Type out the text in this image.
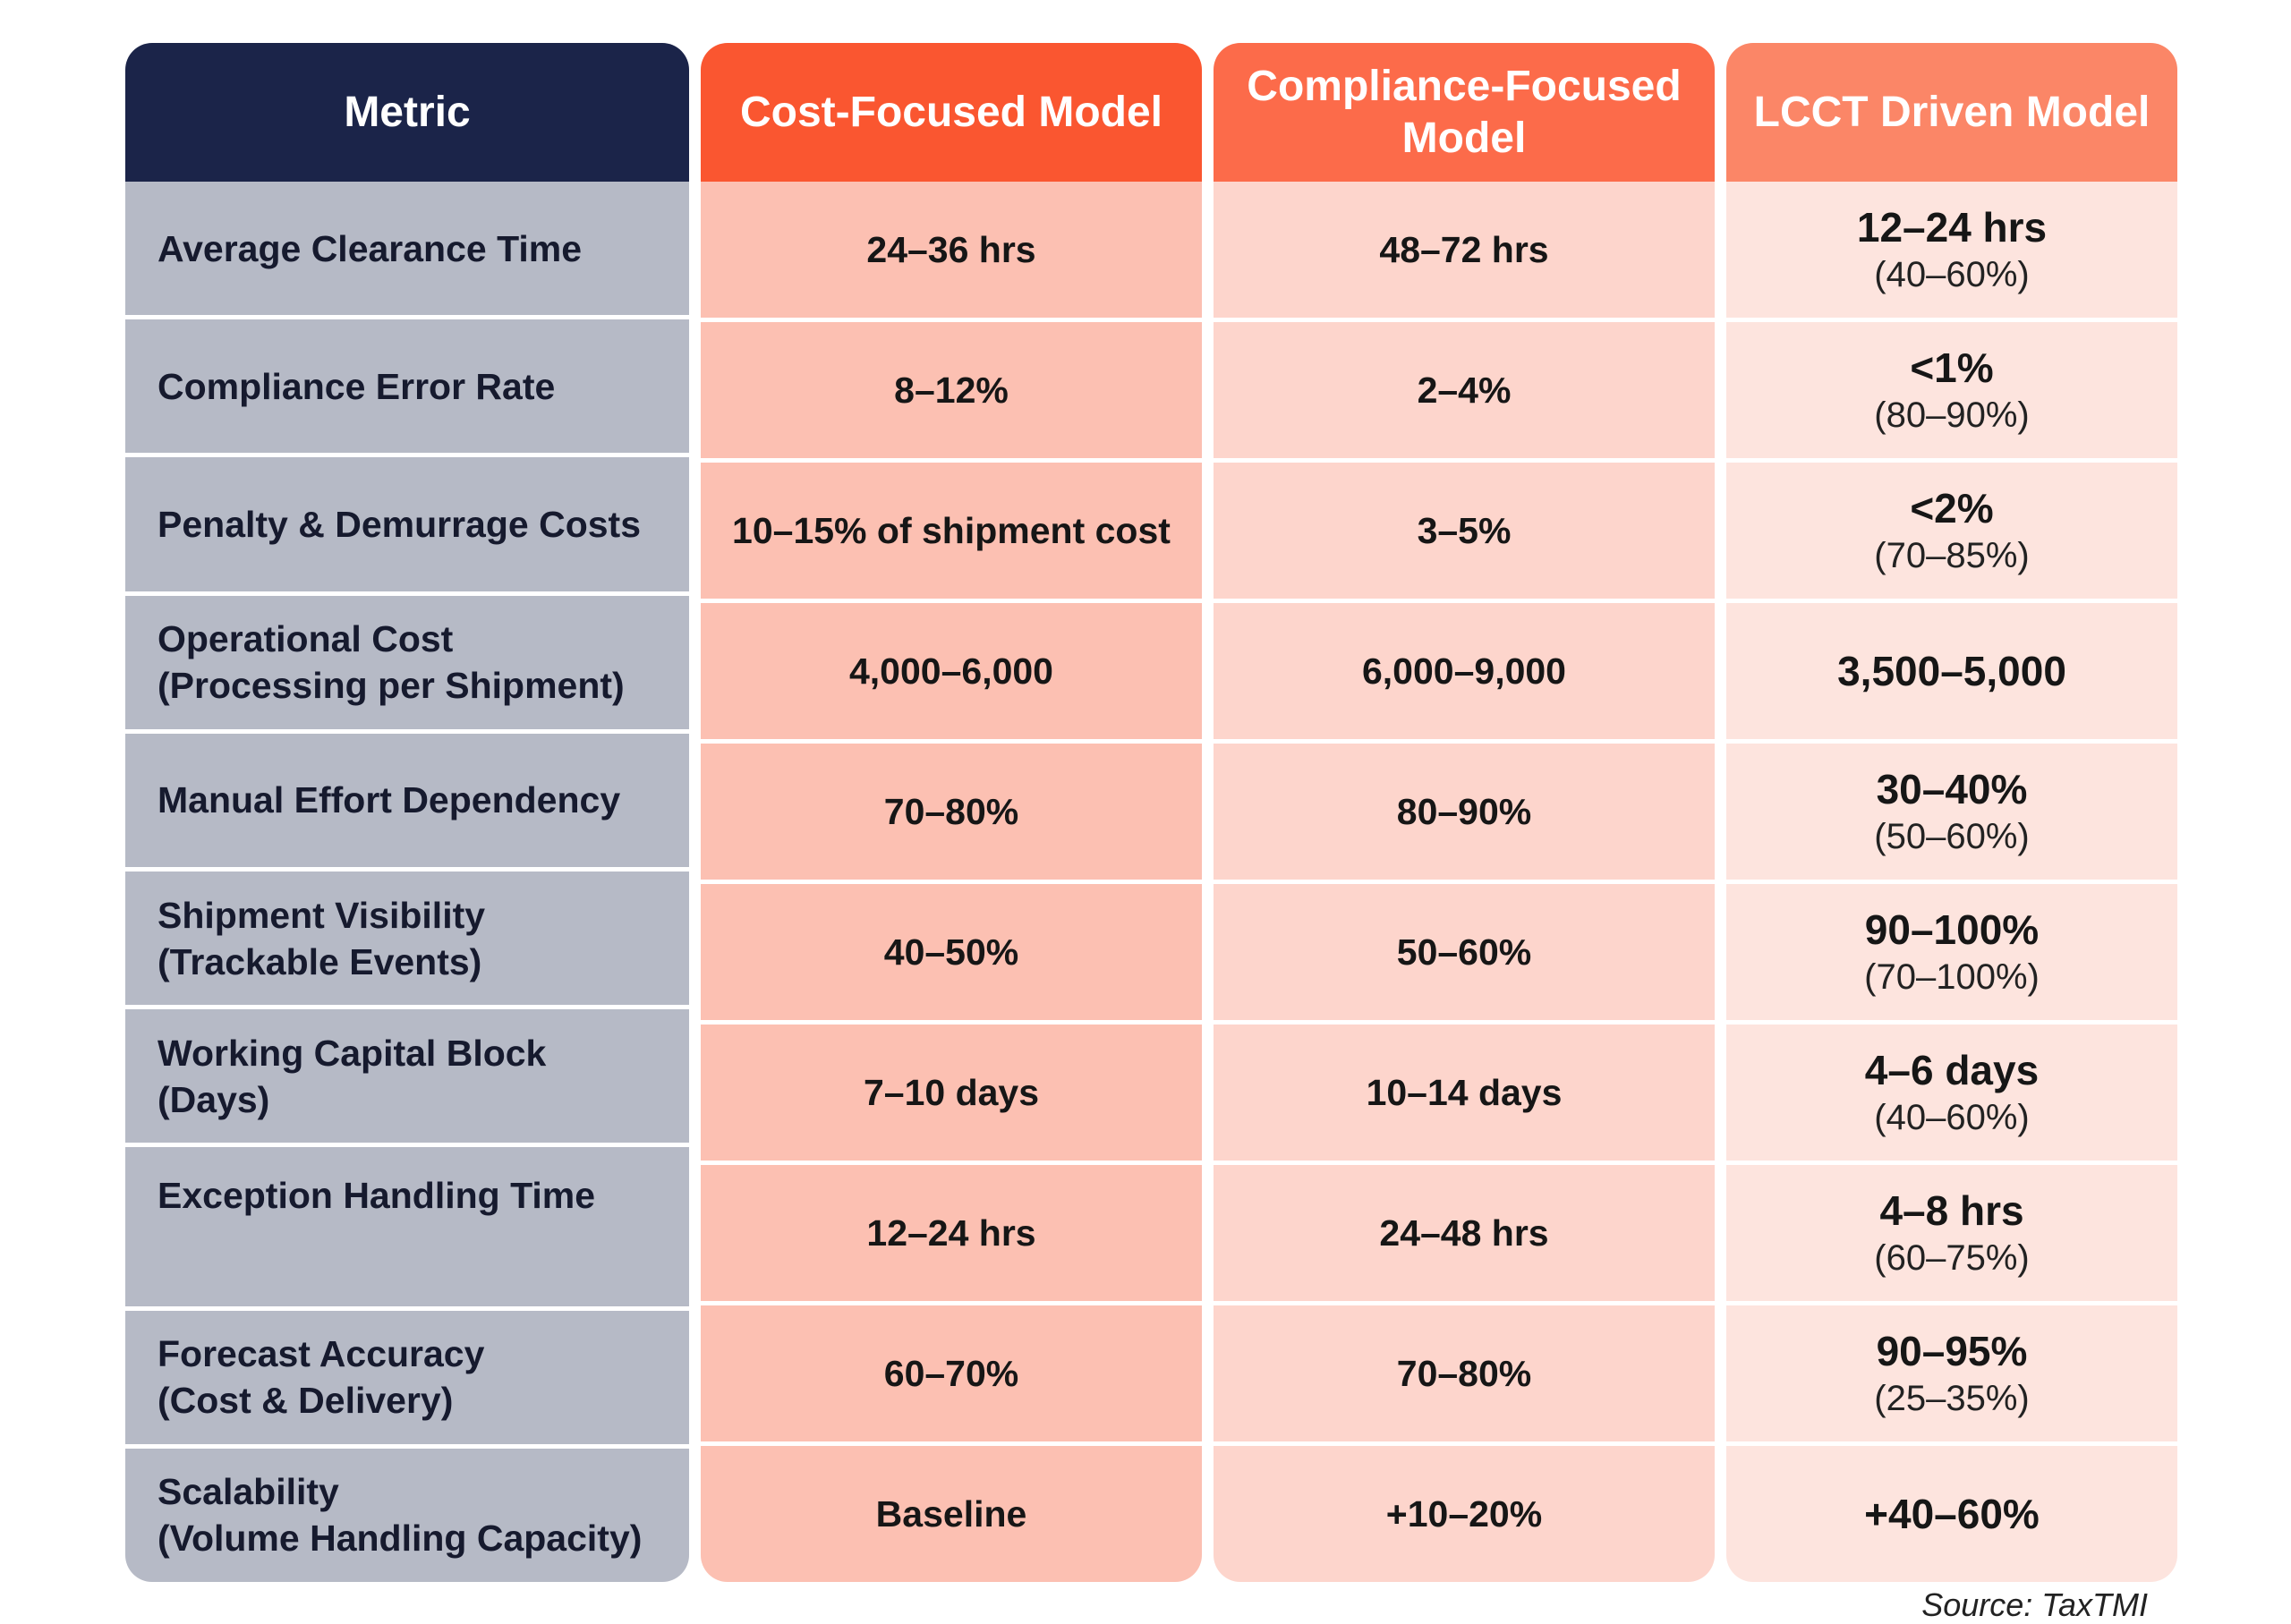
Metric
Average Clearance Time
Compliance Error Rate
Penalty & Demurrage Costs
Operational Cost
(Processing per Shipment)
Manual Effort Dependency
Shipment Visibility
(Trackable Events)
Working Capital Block
(Days)
Exception Handling Time
Forecast Accuracy
(Cost & Delivery)
Scalability
(Volume Handling Capacity)
Cost-Focused Model
24–36 hrs
8–12%
10–15% of shipment cost
4,000–6,000
70–80%
40–50%
7–10 days
12–24 hrs
60–70%
Baseline
Compliance-Focused
Model
48–72 hrs
2–4%
3–5%
6,000–9,000
80–90%
50–60%
10–14 days
24–48 hrs
70–80%
+10–20%
LCCT Driven Model
12–24 hrs
(40–60%)
<1%
(80–90%)
<2%
(70–85%)
3,500–5,000
30–40%
(50–60%)
90–100%
(70–100%)
4–6 days
(40–60%)
4–8 hrs
(60–75%)
90–95%
(25–35%)
+40–60%
Source: TaxTMI
